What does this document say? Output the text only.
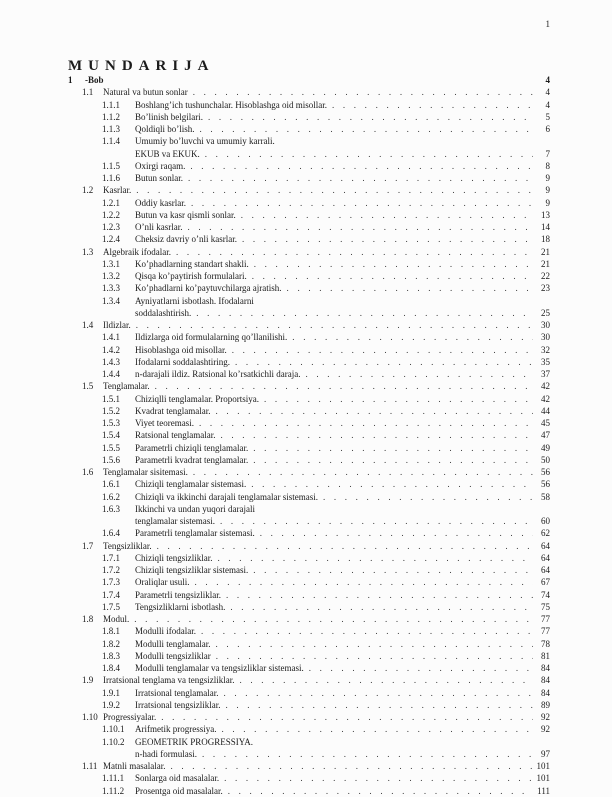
1
MUNDARIJA
1	-Bob	4
1.1	Natural va butun sonlar . . .	4
1.1.1	Boshlang’ich tushunchalar. Hisoblashga oid misollar. . . .	4
1.1.2	Bo’linish belgilari. . . .	5
1.1.3	Qoldiqli bo’lish. . . .	6
1.1.4	Umumiy bo’luvchi va umumiy karrali.
EKUB va EKUK. . . .	7
1.1.5	Oxirgi raqam. . . .	8
1.1.6	Butun sonlar. . . .	9
1.2	Kasrlar. . . .	9
1.2.1	Oddiy kasrlar. . . .	9
1.2.2	Butun va kasr qismli sonlar. . . .	13
1.2.3	O’nli kasrlar. . . .	14
1.2.4	Cheksiz davriy o’nli kasrlar. . . .	18
1.3	Algebraik ifodalar. . . .	21
1.3.1	Ko’phadlarning standart shakli. . . .	21
1.3.2	Qisqa ko’paytirish formulalari. . . .	22
1.3.3	Ko’phadlarni ko’paytuvchilarga ajratish. . . .	23
1.3.4	Ayniyatlarni isbotlash. Ifodalarni
soddalashtirish. . . .	25
1.4	Ildizlar. . . .	30
1.4.1	Ildizlarga oid formulalarning qo’llanilishi. . . .	30
1.4.2	Hisoblashga oid misollar. . . .	32
1.4.3	Ifodalarni soddalashtiring. . . .	35
1.4.4	n-darajali ildiz. Ratsional ko’rsatkichli daraja. . . .	37
1.5	Tenglamalar. . . .	42
1.5.1	Chiziqlli tenglamalar. Proportsiya. . . .	42
1.5.2	Kvadrat tenglamalar. . . .	44
1.5.3	Viyet teoremasi. . . .	45
1.5.4	Ratsional tenglamalar. . . .	47
1.5.5	Parametrli chiziqli tenglamalar. . . .	49
1.5.6	Parametrli kvadrat tenglamalar. . . .	50
1.6	Tenglamalar sisitemasi. . . .	56
1.6.1	Chiziqli tenglamalar sistemasi. . . .	56
1.6.2	Chiziqli va ikkinchi darajali tenglamalar sistemasi. . . .	58
1.6.3	Ikkinchi va undan yuqori darajali
tenglamalar sistemasi. . . .	60
1.6.4	Parametrli tenglamalar sistemasi. . . .	62
1.7	Tengsizliklar. . . .	64
1.7.1	Chiziqli tengsizliklar. . . .	64
1.7.2	Chiziqli tengsizliklar sistemasi. . . .	64
1.7.3	Oraliqlar usuli. . . .	67
1.7.4	Parametrli tengsizliklar. . . .	74
1.7.5	Tengsizliklarni isbotlash. . . .	75
1.8	Modul. . . .	77
1.8.1	Modulli ifodalar. . . .	77
1.8.2	Modulli tenglamalar. . . .	78
1.8.3	Modulli tengsizliklar . . .	81
1.8.4	Modulli tenglamalar va tengsizliklar sistemasi. . . .	84
1.9	Irratsional tenglama va tengsizliklar. . . .	84
1.9.1	Irratsional tenglamalar. . . .	84
1.9.2	Irratsional tengsizliklar. . . .	89
1.10 Progressiyalar. . . .	92
1.10.1	Arifmetik progressiya. . . .	92
1.10.2	GEOMETRIK PROGRESSIYA.
n-hadi formulasi. . . .	97
1.11 Matnli masalalar. . . .	101
1.11.1	Sonlarga oid masalalar. . . .	101
1.11.2	Prosentga oid masalalar. . . .	111
